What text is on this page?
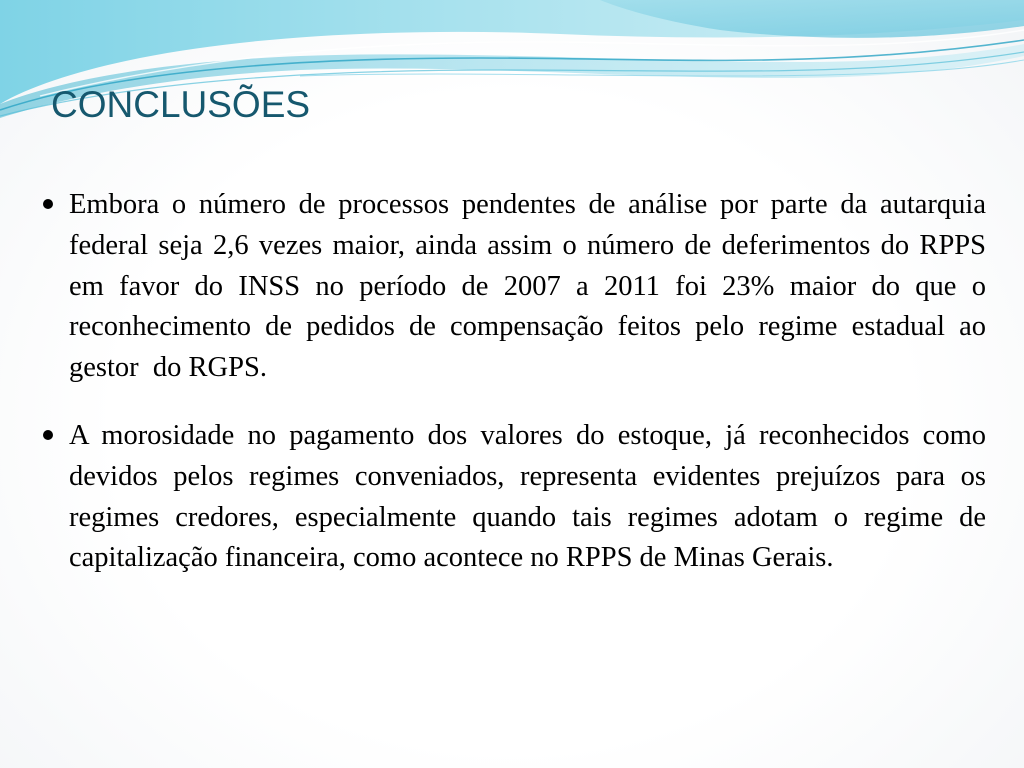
CONCLUSÕES
Embora o número de processos pendentes de análise por parte da autarquia federal seja 2,6 vezes maior, ainda assim o número de deferimentos do RPPS em favor do INSS no período de 2007 a 2011 foi 23% maior do que o reconhecimento de pedidos de compensação feitos pelo regime estadual ao gestor  do RGPS.
A morosidade no pagamento dos valores do estoque, já reconhecidos como devidos pelos regimes conveniados, representa evidentes prejuízos para os regimes credores, especialmente quando tais regimes adotam o regime de capitalização financeira, como acontece no RPPS de Minas Gerais.
